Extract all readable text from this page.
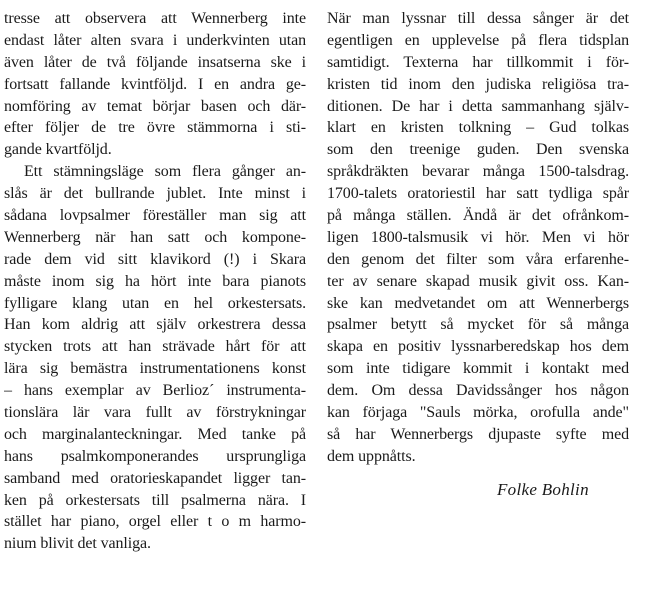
tresse att observera att Wennerberg inte
endast låter alten svara i underkvinten utan
även låter de två följande insatserna ske i
fortsatt fallande kvintföljd. I en andra ge-
nomföring av temat börjar basen och där-
efter följer de tre övre stämmorna i sti-
gande kvartföljd.
Ett stämningsläge som flera gånger an-
slås är det bullrande jublet. Inte minst i
sådana lovpsalmer föreställer man sig att
Wennerberg när han satt och kompone-
rade dem vid sitt klavikord (!) i Skara
måste inom sig ha hört inte bara pianots
fylligare klang utan en hel orkestersats.
Han kom aldrig att själv orkestrera dessa
stycken trots att han strävade hårt för att
lära sig bemästra instrumentationens konst
– hans exemplar av Berlioz´ instrumenta-
tionslära lär vara fullt av förstrykningar
och marginalanteckningar. Med tanke på
hans psalmkomponerandes ursprungliga
samband med oratorieskapandet ligger tan-
ken på orkestersats till psalmerna nära. I
stället har piano, orgel eller t o m harmo-
nium blivit det vanliga.
När man lyssnar till dessa sånger är det
egentligen en upplevelse på flera tidsplan
samtidigt. Texterna har tillkommit i för-
kristen tid inom den judiska religiösa tra-
ditionen. De har i detta sammanhang själv-
klart en kristen tolkning – Gud tolkas
som den treenige guden. Den svenska
språkdräkten bevarar många 1500-talsdrag.
1700-talets oratoriestil har satt tydliga spår
på många ställen. Ändå är det ofrånkom-
ligen 1800-talsmusik vi hör. Men vi hör
den genom det filter som våra erfarenhe-
ter av senare skapad musik givit oss. Kan-
ske kan medvetandet om att Wennerbergs
psalmer betytt så mycket för så många
skapa en positiv lyssnarberedskap hos dem
som inte tidigare kommit i kontakt med
dem. Om dessa Davidssånger hos någon
kan förjaga "Sauls mörka, orofulla ande"
så har Wennerbergs djupaste syfte med
dem uppnåtts.
Folke Bohlin
